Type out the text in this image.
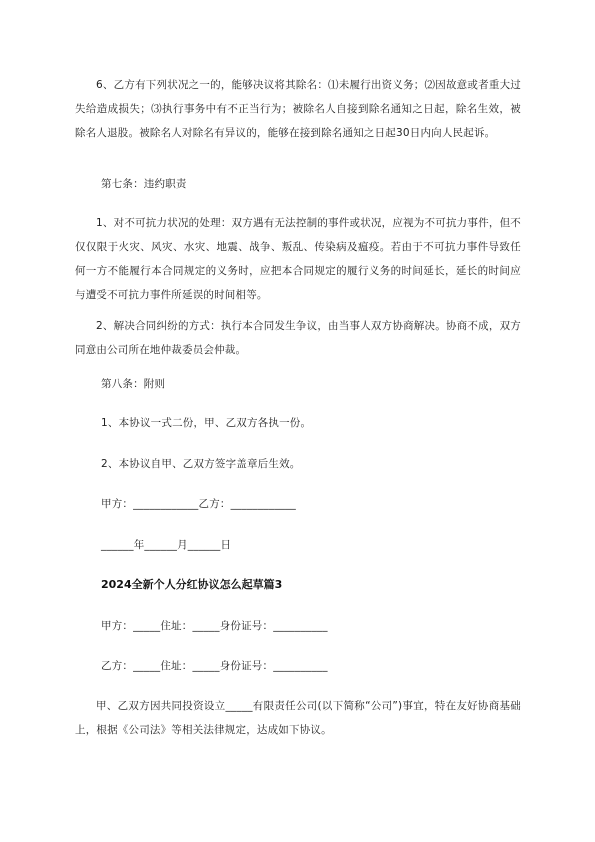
6、乙方有下列状况之一的，能够决议将其除名：⑴未履行出资义务；⑵因故意或者重大过失给造成损失；⑶执行事务中有不正当行为；被除名人自接到除名通知之日起，除名生效，被除名人退股。被除名人对除名有异议的，能够在接到除名通知之日起30日内向人民起诉。

第七条：违约职责

1、对不可抗力状况的处理：双方遇有无法控制的事件或状况，应视为不可抗力事件，但不仅仅限于火灾、风灾、水灾、地震、战争、叛乱、传染病及瘟疫。若由于不可抗力事件导致任何一方不能履行本合同规定的义务时，应把本合同规定的履行义务的时间延长，延长的时间应与遭受不可抗力事件所延误的时间相等。

2、解决合同纠纷的方式：执行本合同发生争议，由当事人双方协商解决。协商不成，双方同意由公司所在地仲裁委员会仲裁。

第八条：附则

1、本协议一式二份，甲、乙双方各执一份。

2、本协议自甲、乙双方签字盖章后生效。

甲方：____________乙方：____________

______年______月______日

2024全新个人分红协议怎么起草篇3

甲方：_____住址：_____身份证号：__________

乙方：_____住址：_____身份证号：__________

甲、乙双方因共同投资设立_____有限责任公司(以下简称“公司”)事宜，特在友好协商基础上，根据《公司法》等相关法律规定，达成如下协议。
